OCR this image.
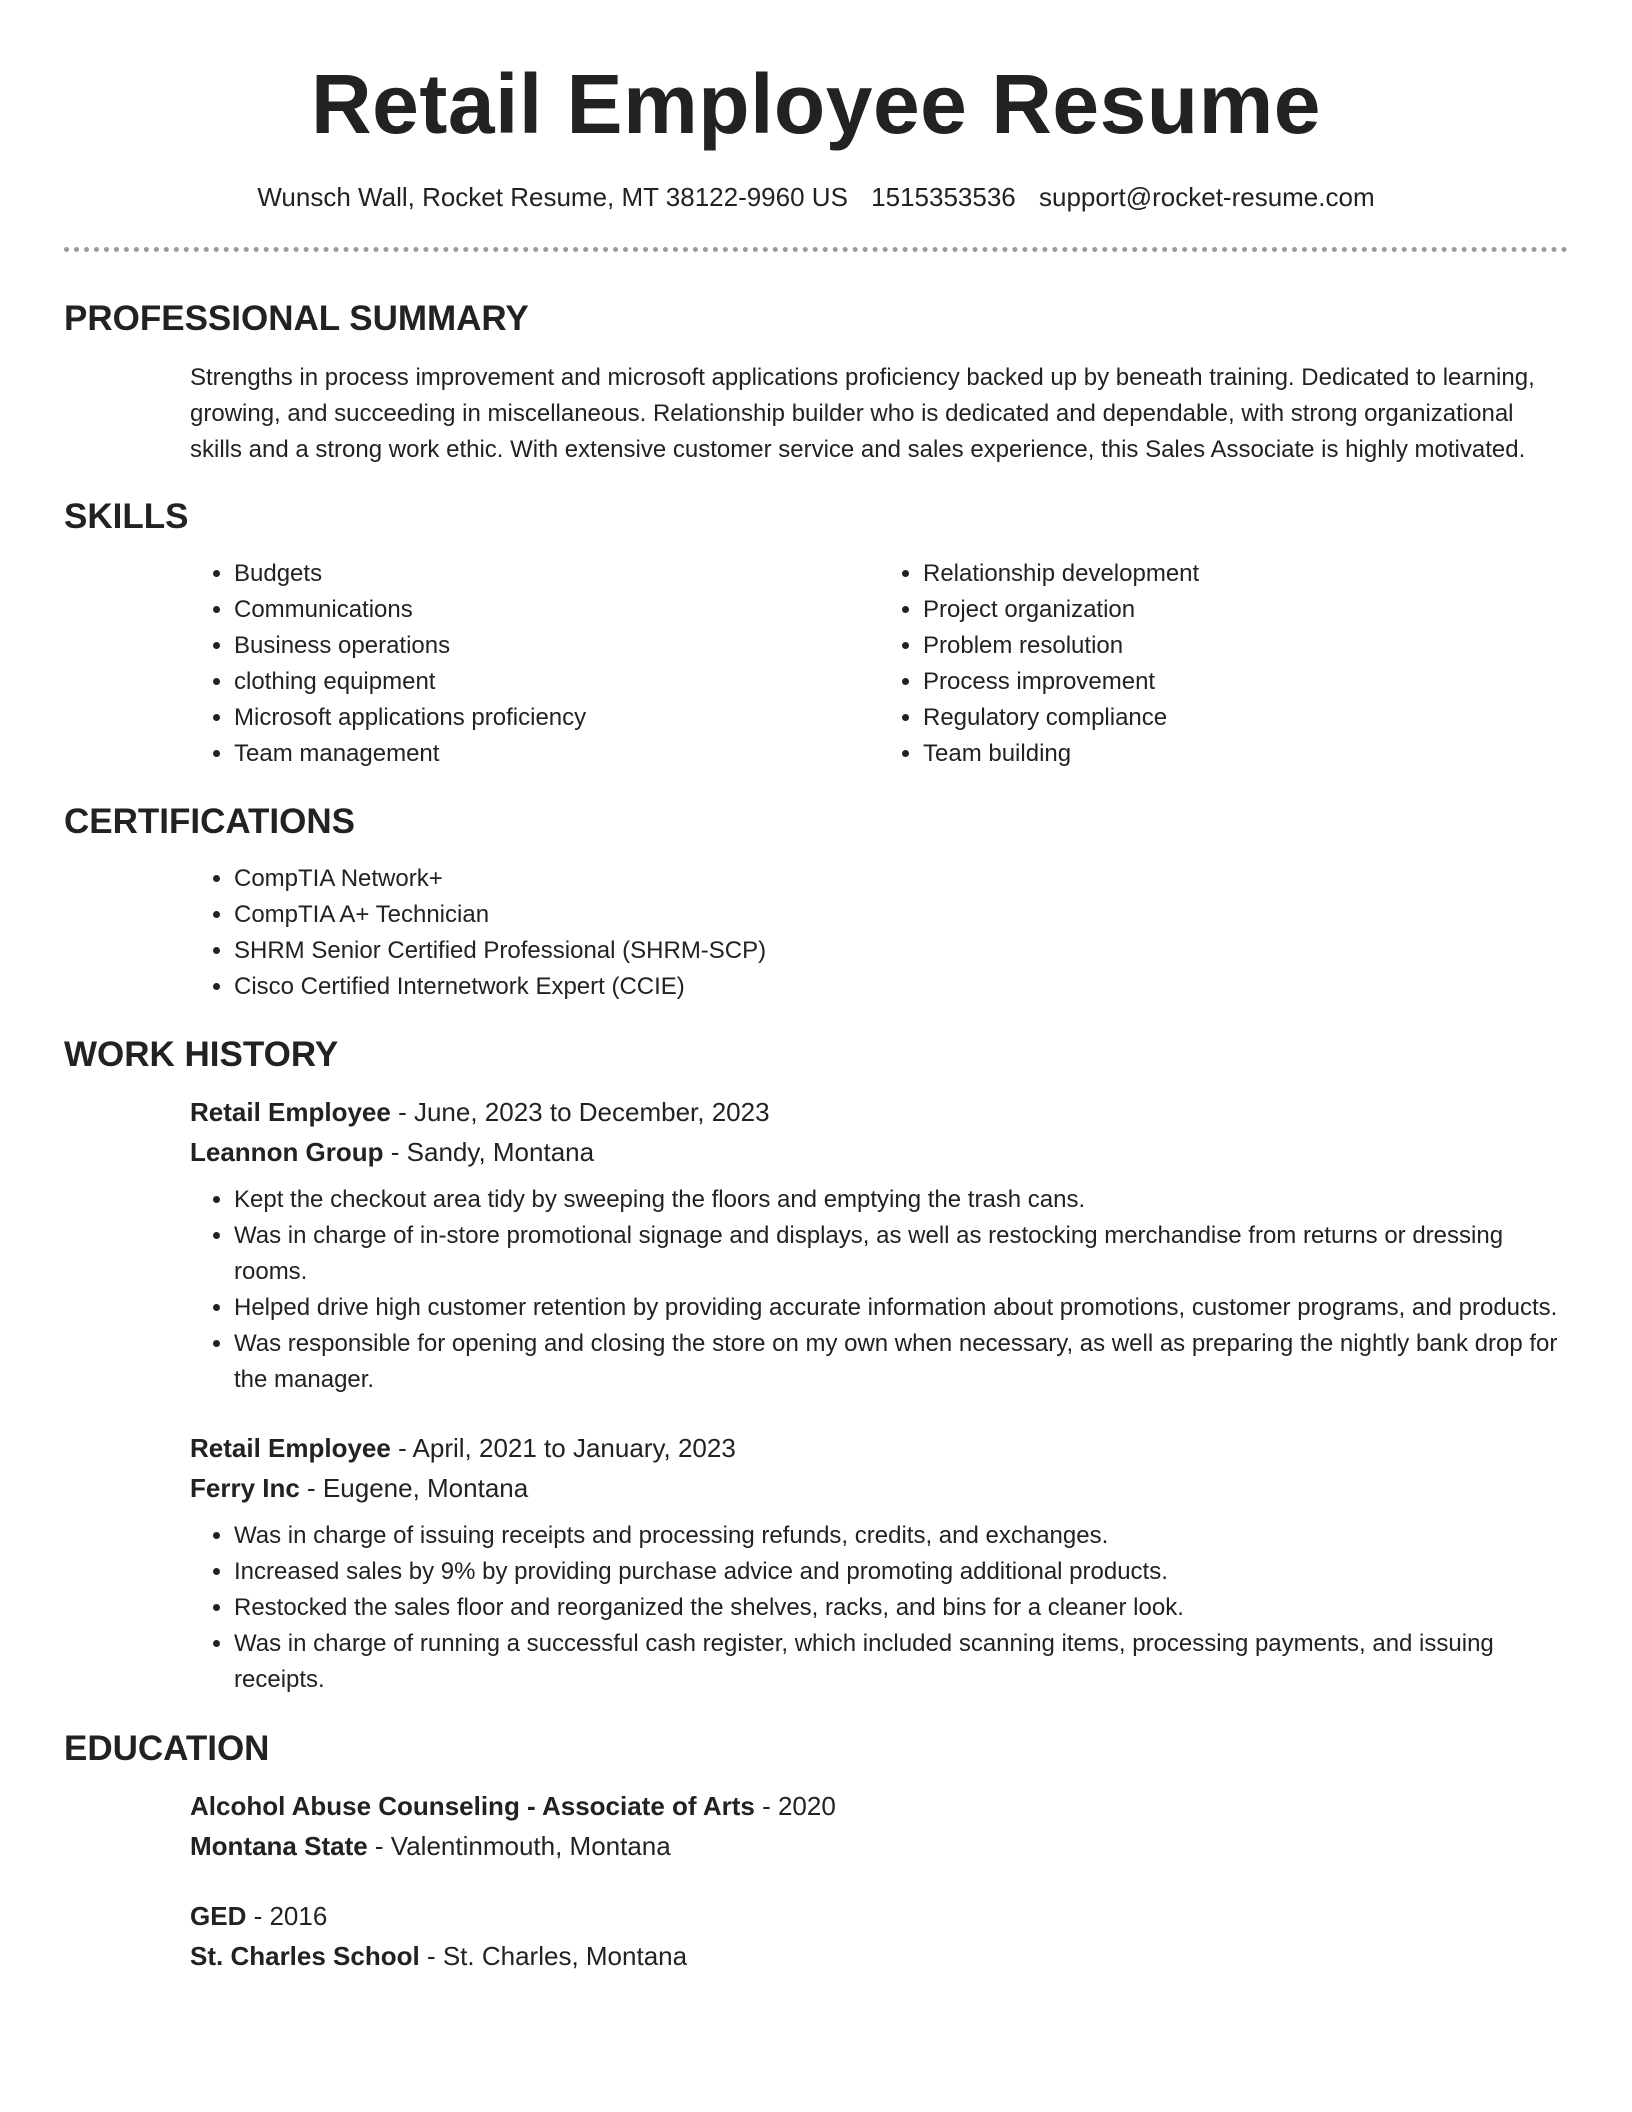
Retail Employee Resume
Wunsch Wall, Rocket Resume, MT 38122-9960 US 1515353536 support@rocket-resume.com
PROFESSIONAL SUMMARY

Strengths in process improvement and microsoft applications proficiency backed up by beneath training. Dedicated to learning, growing, and succeeding in miscellaneous. Relationship builder who is dedicated and dependable, with strong organizational skills and a strong work ethic. With extensive customer service and sales experience, this Sales Associate is highly motivated.

SKILLS
• Budgets
• Communications
• Business operations
• clothing equipment
• Microsoft applications proficiency
• Team management
• Relationship development
• Project organization
• Problem resolution
• Process improvement
• Regulatory compliance
• Team building
CERTIFICATIONS
• CompTIA Network+
• CompTIA A+ Technician
• SHRM Senior Certified Professional (SHRM-SCP)
• Cisco Certified Internetwork Expert (CCIE)
WORK HISTORY
Retail Employee - June, 2023 to December, 2023
Leannon Group - Sandy, Montana
• Kept the checkout area tidy by sweeping the floors and emptying the trash cans.
• Was in charge of in-store promotional signage and displays, as well as restocking merchandise from returns or dressing rooms.
• Helped drive high customer retention by providing accurate information about promotions, customer programs, and products.
• Was responsible for opening and closing the store on my own when necessary, as well as preparing the nightly bank drop for the manager.
Retail Employee - April, 2021 to January, 2023
Ferry Inc - Eugene, Montana
• Was in charge of issuing receipts and processing refunds, credits, and exchanges.
• Increased sales by 9% by providing purchase advice and promoting additional products.
• Restocked the sales floor and reorganized the shelves, racks, and bins for a cleaner look.
• Was in charge of running a successful cash register, which included scanning items, processing payments, and issuing receipts.
EDUCATION
Alcohol Abuse Counseling - Associate of Arts - 2020
Montana State - Valentinmouth, Montana
GED - 2016
St. Charles School - St. Charles, Montana
